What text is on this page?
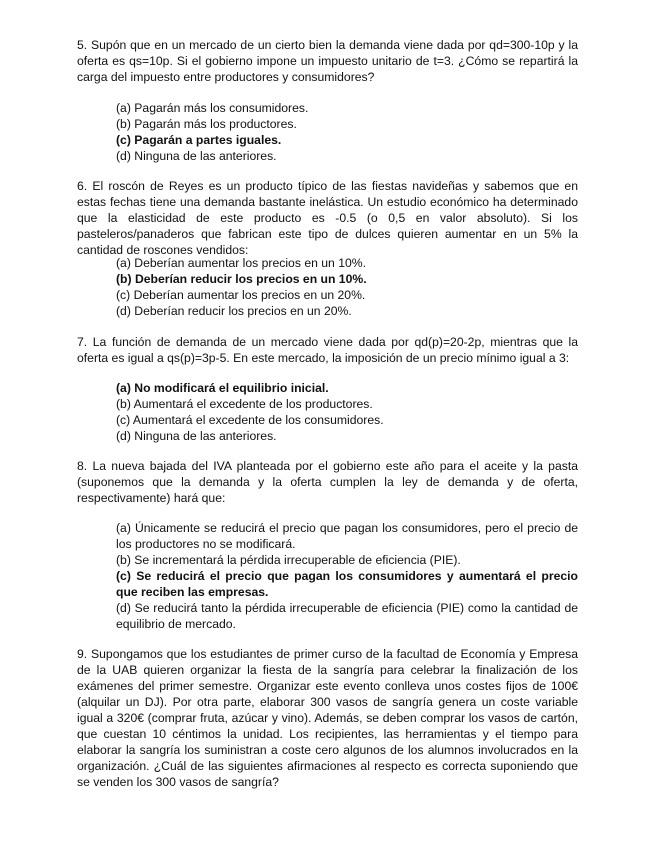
5. Supón que en un mercado de un cierto bien la demanda viene dada por qd=300-10p y la oferta es qs=10p. Si el gobierno impone un impuesto unitario de t=3. ¿Cómo se repartirá la carga del impuesto entre productores y consumidores?

(a) Pagarán más los consumidores.
(b) Pagarán más los productores.
(c) Pagarán a partes iguales.
(d) Ninguna de las anteriores.

6. El roscón de Reyes es un producto típico de las fiestas navideñas y sabemos que en estas fechas tiene una demanda bastante inelástica. Un estudio económico ha determinado que la elasticidad de este producto es -0.5 (o 0,5 en valor absoluto). Si los pasteleros/panaderos que fabrican este tipo de dulces quieren aumentar en un 5% la cantidad de roscones vendidos:

(a) Deberían aumentar los precios en un 10%.
(b) Deberían reducir los precios en un 10%.
(c) Deberían aumentar los precios en un 20%.
(d) Deberían reducir los precios en un 20%.

7. La función de demanda de un mercado viene dada por qd(p)=20-2p, mientras que la oferta es igual a qs(p)=3p-5. En este mercado, la imposición de un precio mínimo igual a 3:

(a) No modificará el equilibrio inicial.
(b) Aumentará el excedente de los productores.
(c) Aumentará el excedente de los consumidores.
(d) Ninguna de las anteriores.

8. La nueva bajada del IVA planteada por el gobierno este año para el aceite y la pasta (suponemos que la demanda y la oferta cumplen la ley de demanda y de oferta, respectivamente) hará que:

(a) Únicamente se reducirá el precio que pagan los consumidores, pero el precio de los productores no se modificará.
(b) Se incrementará la pérdida irrecuperable de eficiencia (PIE).
(c) Se reducirá el precio que pagan los consumidores y aumentará el precio que reciben las empresas.
(d) Se reducirá tanto la pérdida irrecuperable de eficiencia (PIE) como la cantidad de equilibrio de mercado.

9. Supongamos que los estudiantes de primer curso de la facultad de Economía y Empresa de la UAB quieren organizar la fiesta de la sangría para celebrar la finalización de los exámenes del primer semestre. Organizar este evento conlleva unos costes fijos de 100€ (alquilar un DJ). Por otra parte, elaborar 300 vasos de sangría genera un coste variable igual a 320€ (comprar fruta, azúcar y vino). Además, se deben comprar los vasos de cartón, que cuestan 10 céntimos la unidad. Los recipientes, las herramientas y el tiempo para elaborar la sangría los suministran a coste cero algunos de los alumnos involucrados en la organización. ¿Cuál de las siguientes afirmaciones al respecto es correcta suponiendo que se venden los 300 vasos de sangría?
